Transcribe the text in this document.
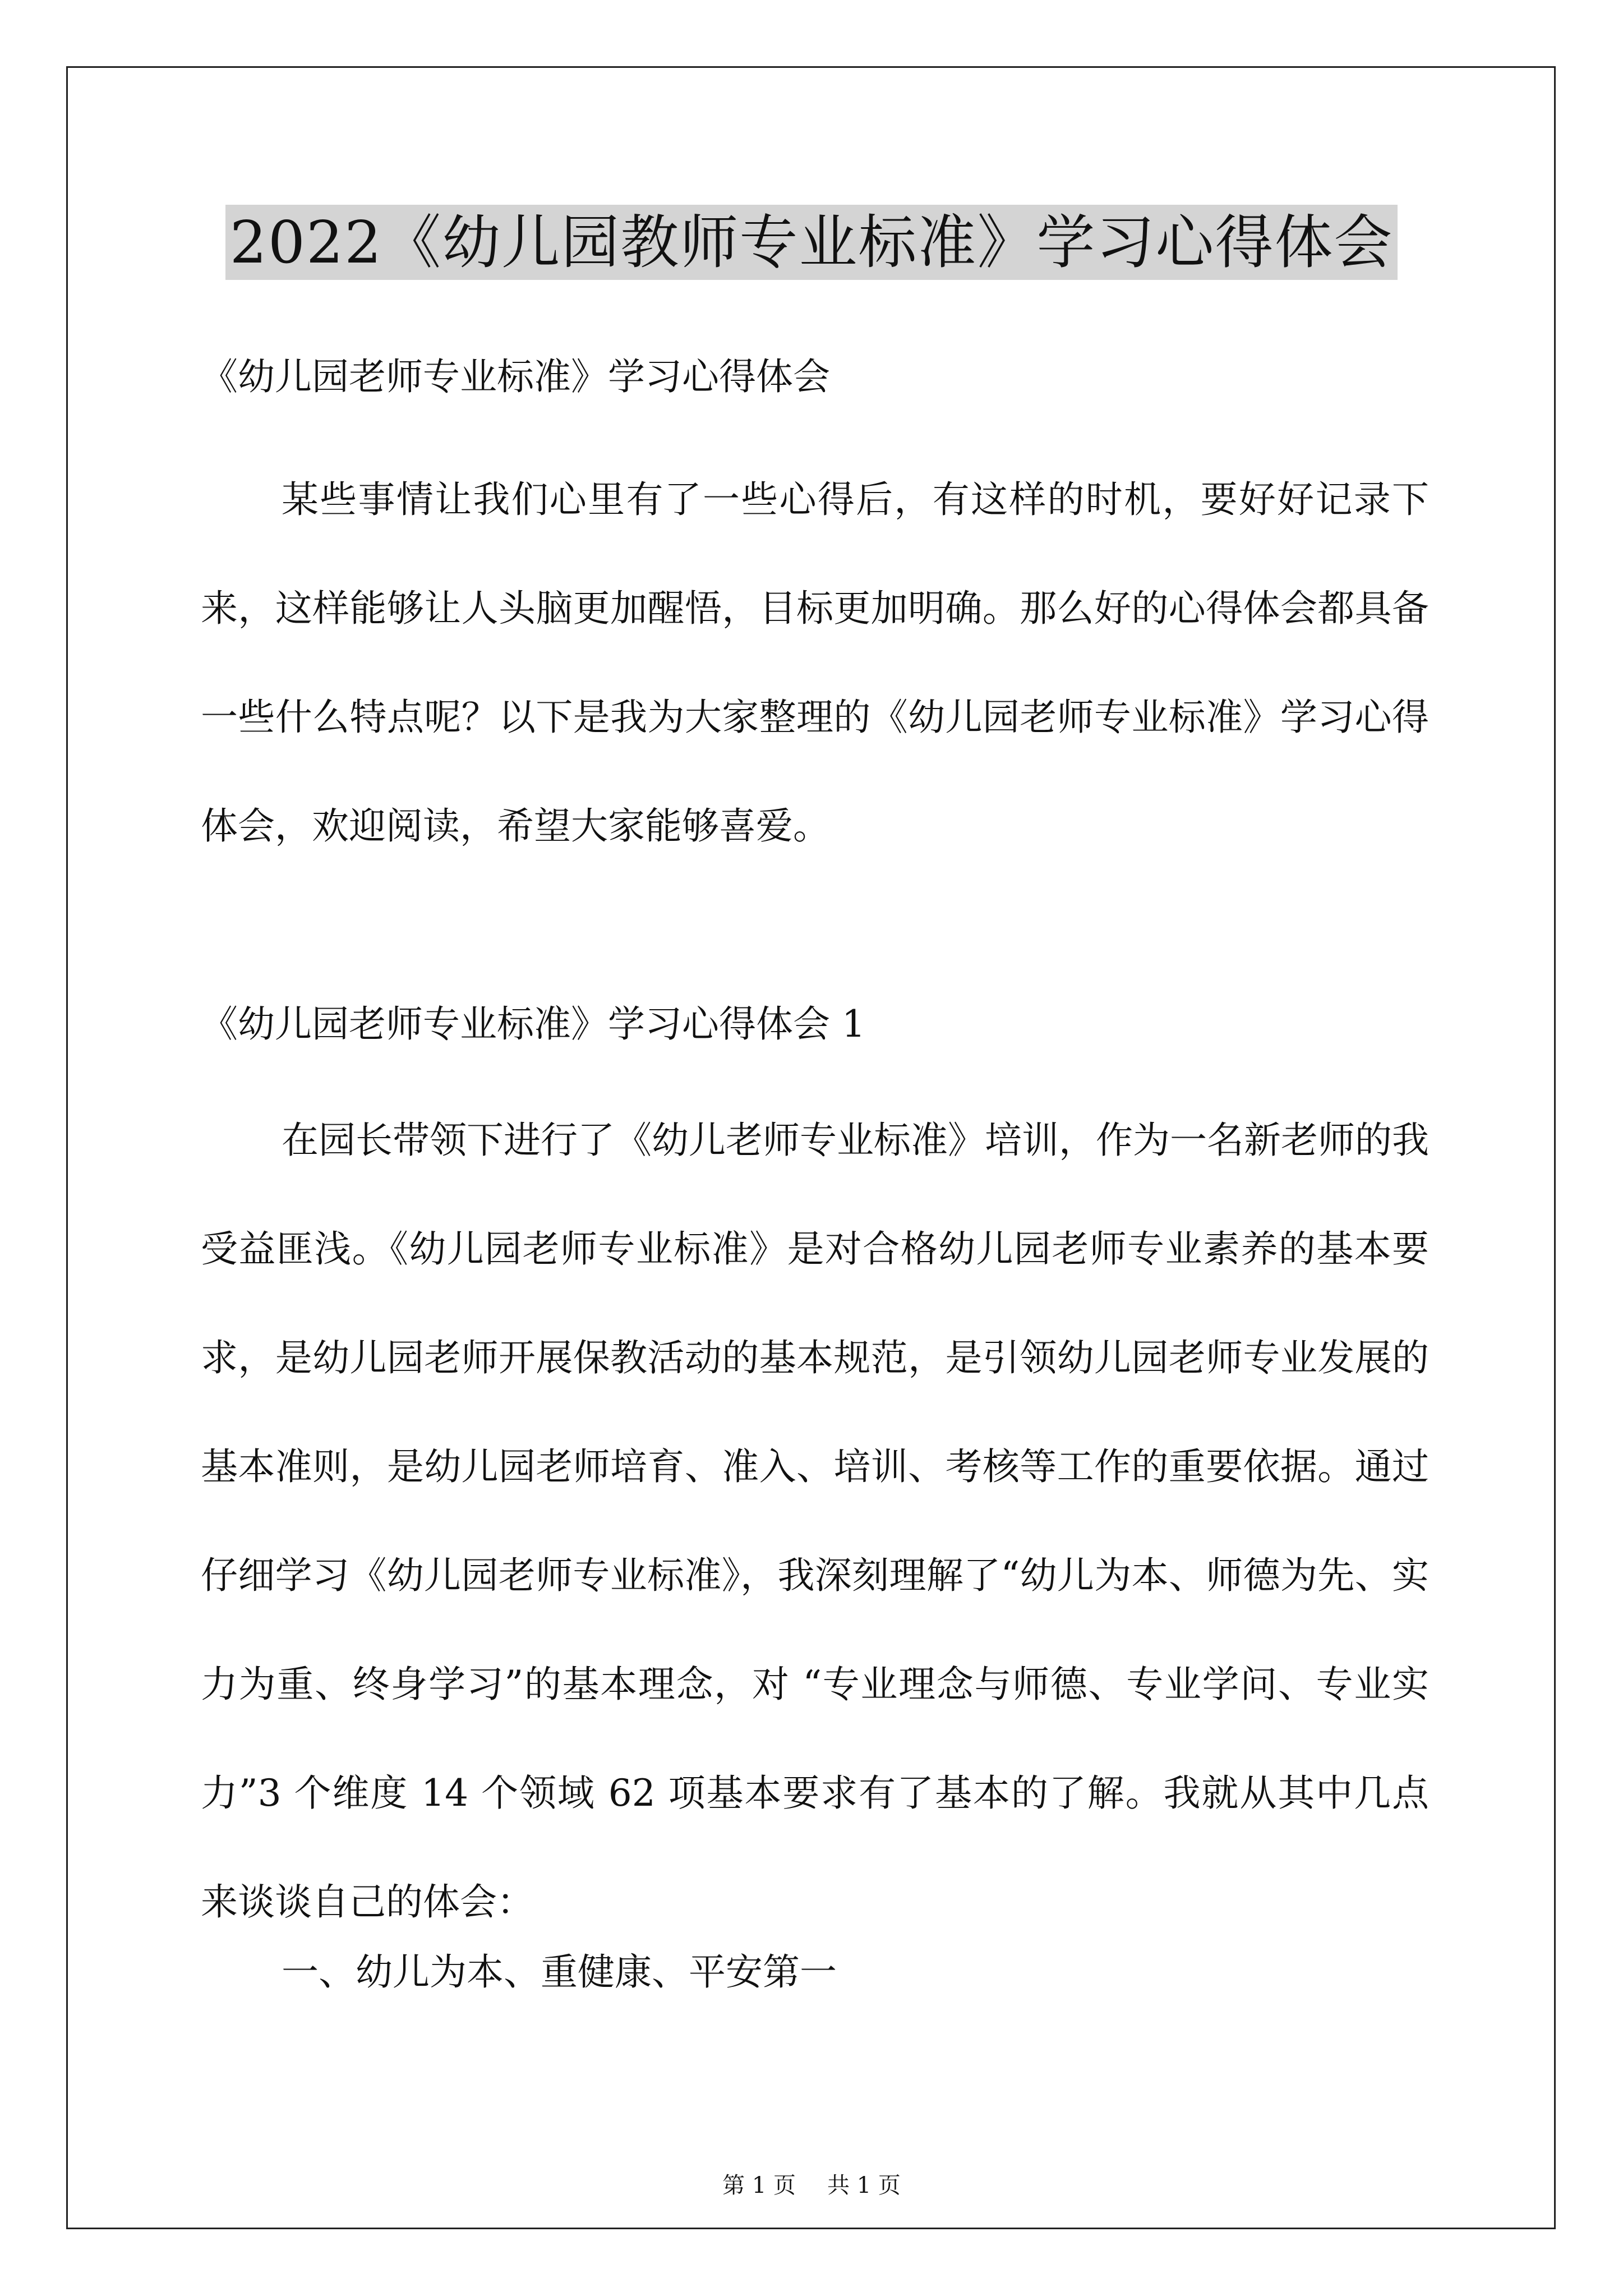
2022《幼儿园教师专业标准》学习心得体会
《幼儿园老师专业标准》学习心得体会
某些事情让我们心里有了一些心得后，有这样的时机，要好好记录下来，这样能够让人头脑更加醒悟，目标更加明确。那么好的心得体会都具备一些什么特点呢？以下是我为大家整理的《幼儿园老师专业标准》学习心得体会，欢迎阅读，希望大家能够喜爱。
《幼儿园老师专业标准》学习心得体会 1
在园长带领下进行了《幼儿老师专业标准》培训，作为一名新老师的我受益匪浅。《幼儿园老师专业标准》是对合格幼儿园老师专业素养的基本要求，是幼儿园老师开展保教活动的基本规范，是引领幼儿园老师专业发展的基本准则，是幼儿园老师培育、准入、培训、考核等工作的重要依据。通过仔细学习《幼儿园老师专业标准》，我深刻理解了“幼儿为本、师德为先、实力为重、终身学习”的基本理念，对 “专业理念与师德、专业学问、专业实力”3 个维度 14 个领域 62 项基本要求有了基本的了解。我就从其中几点来谈谈自己的体会：
一、幼儿为本、重健康、平安第一
第 1 页 共 1 页
